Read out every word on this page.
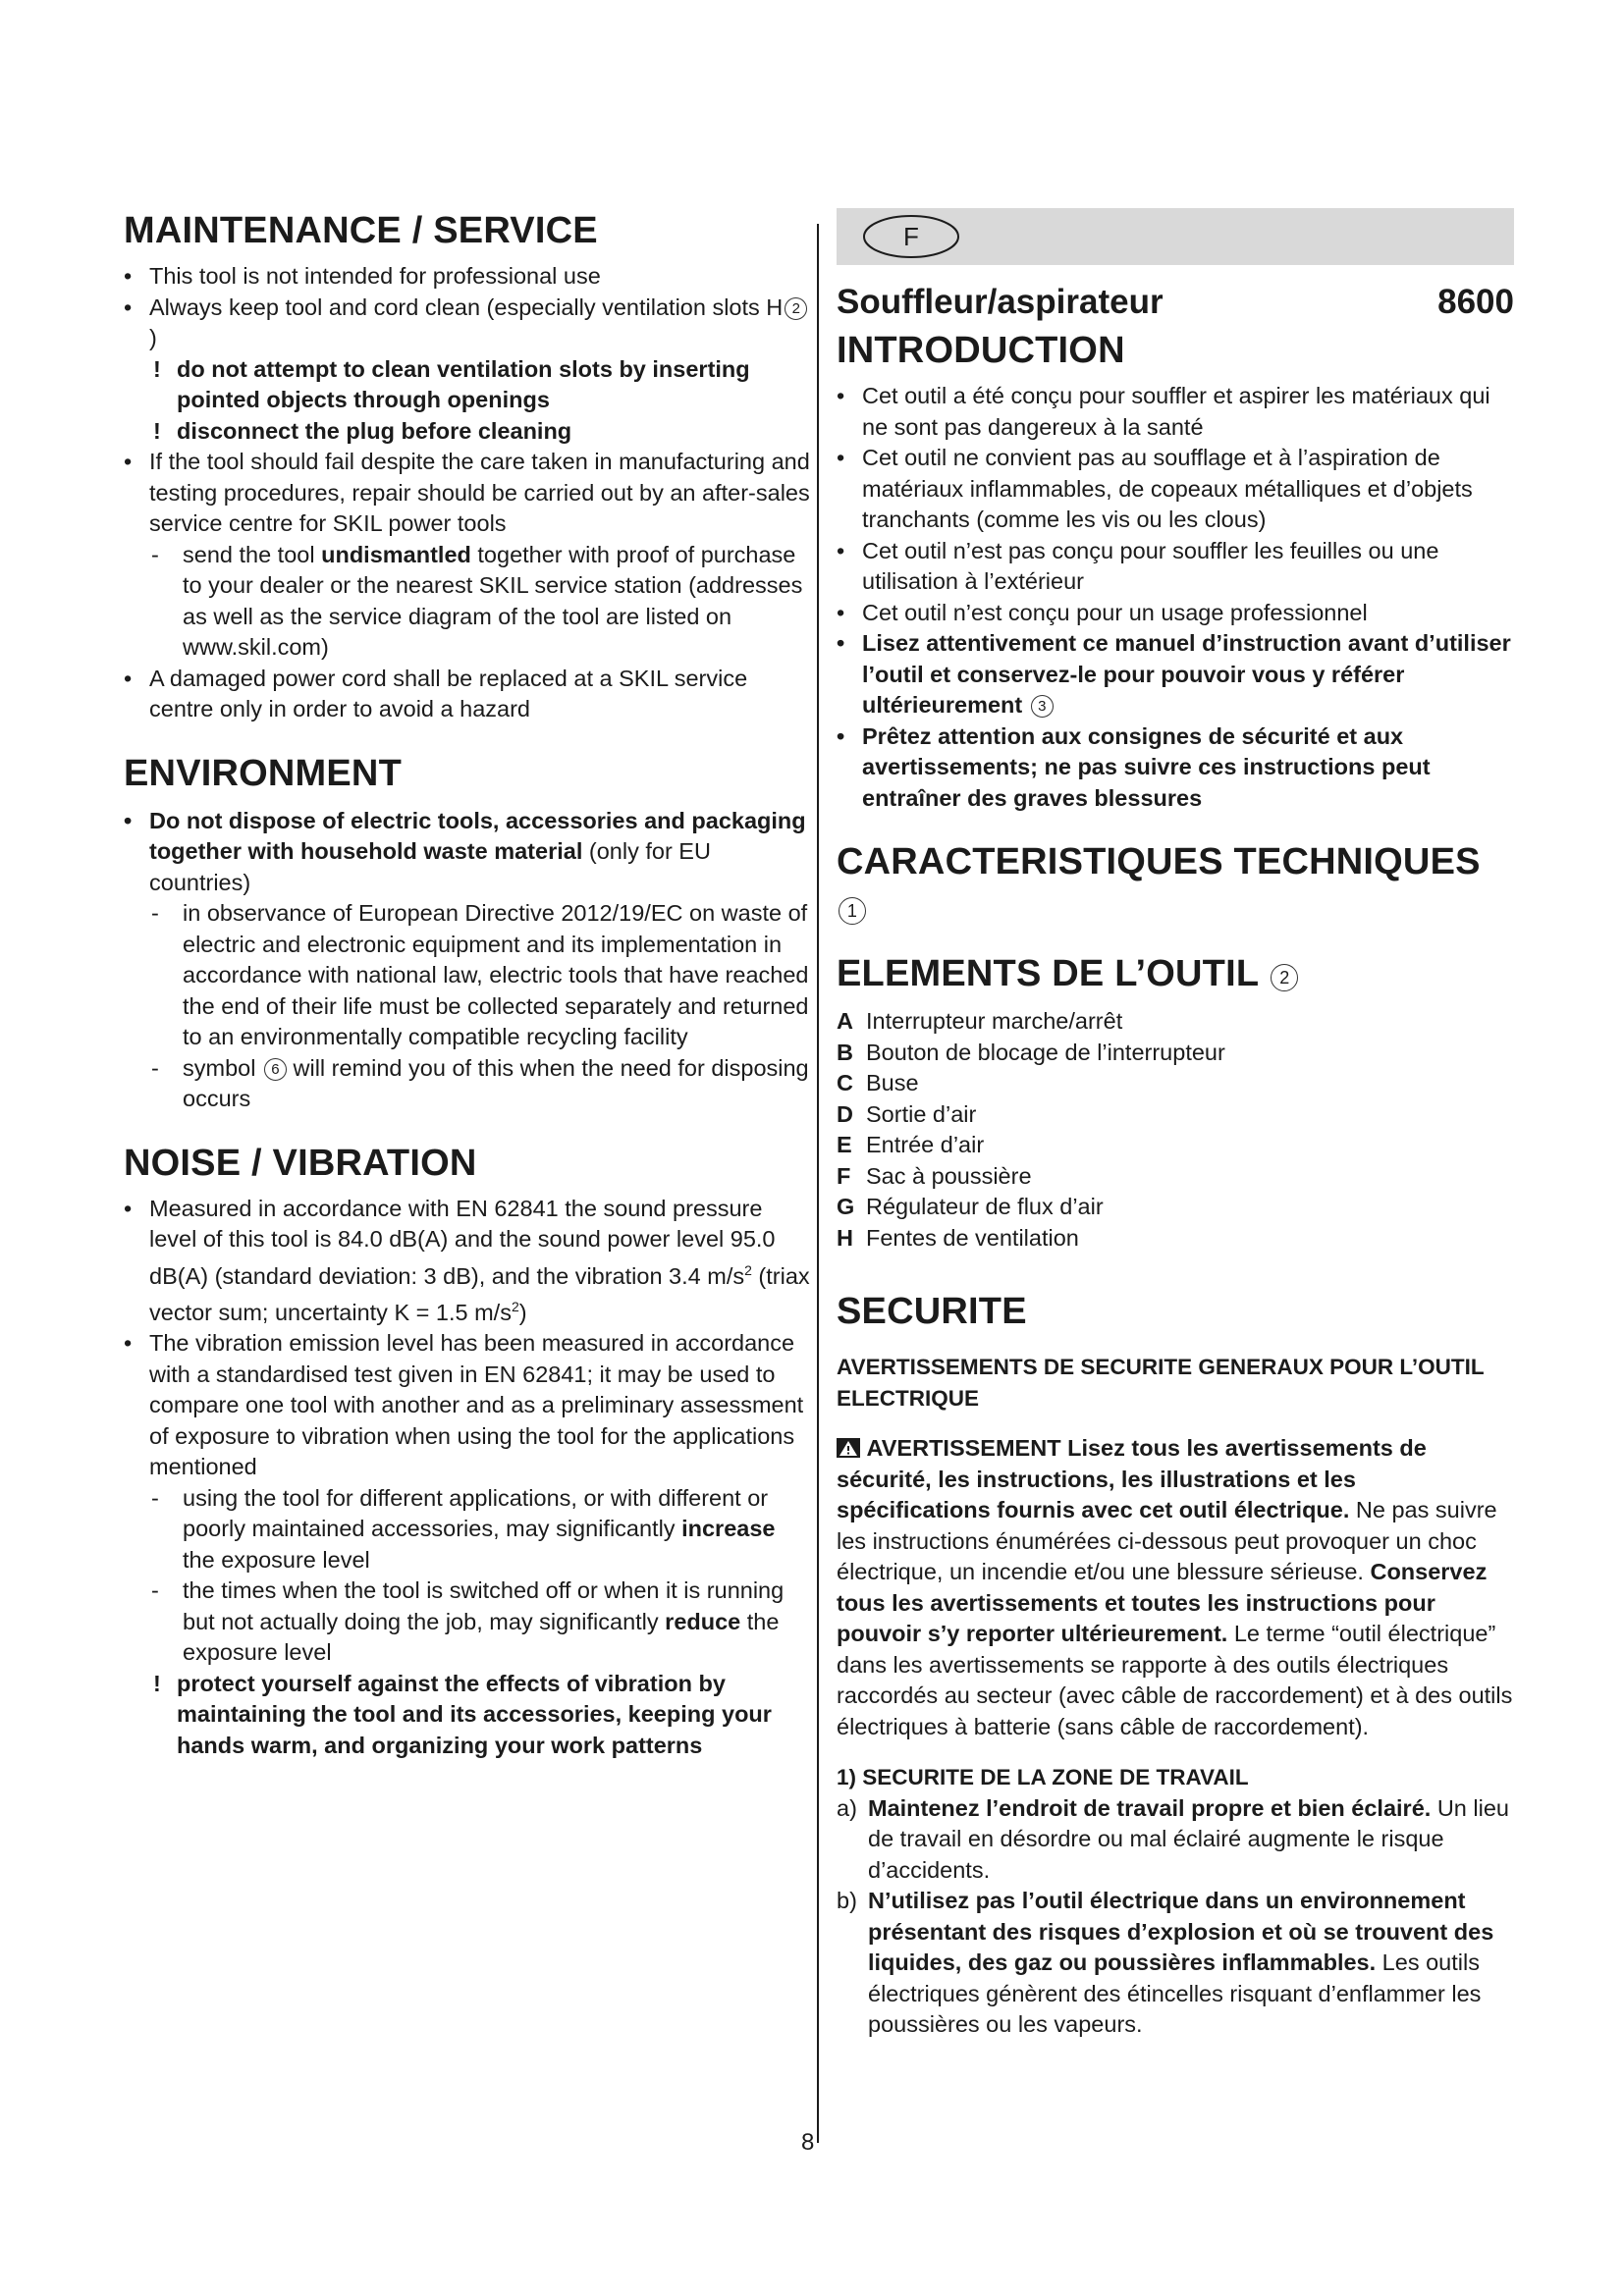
MAINTENANCE / SERVICE
• This tool is not intended for professional use
• Always keep tool and cord clean (especially ventilation slots H 2)
! do not attempt to clean ventilation slots by inserting pointed objects through openings
! disconnect the plug before cleaning
• If the tool should fail despite the care taken in manufacturing and testing procedures, repair should be carried out by an after-sales service centre for SKIL power tools
- send the tool undismantled together with proof of purchase to your dealer or the nearest SKIL service station (addresses as well as the service diagram of the tool are listed on www.skil.com)
• A damaged power cord shall be replaced at a SKIL service centre only in order to avoid a hazard
ENVIRONMENT
• Do not dispose of electric tools, accessories and packaging together with household waste material (only for EU countries)
- in observance of European Directive 2012/19/EC on waste of electric and electronic equipment and its implementation in accordance with national law, electric tools that have reached the end of their life must be collected separately and returned to an environmentally compatible recycling facility
- symbol 6 will remind you of this when the need for disposing occurs
NOISE / VIBRATION
• Measured in accordance with EN 62841 the sound pressure level of this tool is 84.0 dB(A) and the sound power level 95.0 dB(A) (standard deviation: 3 dB), and the vibration 3.4 $m/s^2$ (triax vector sum; uncertainty K = 1.5 $m/s^2$)
• The vibration emission level has been measured in accordance with a standardised test given in EN 62841; it may be used to compare one tool with another and as a preliminary assessment of exposure to vibration when using the tool for the applications mentioned
- using the tool for different applications, or with different or poorly maintained accessories, may significantly increase the exposure level
- the times when the tool is switched off or when it is running but not actually doing the job, may significantly reduce the exposure level
! protect yourself against the effects of vibration by maintaining the tool and its accessories, keeping your hands warm, and organizing your work patterns
F
Souffleur/aspirateur	8600
INTRODUCTION
• Cet outil a été conçu pour souffler et aspirer les matériaux qui ne sont pas dangereux à la santé
• Cet outil ne convient pas au soufflage et à l’aspiration de matériaux inflammables, de copeaux métalliques et d’objets tranchants (comme les vis ou les clous)
• Cet outil n’est pas conçu pour souffler les feuilles ou une utilisation à l’extérieur
• Cet outil n’est conçu pour un usage professionnel
• Lisez attentivement ce manuel d’instruction avant d’utiliser l’outil et conservez-le pour pouvoir vous y référer ultérieurement 3
• Prêtez attention aux consignes de sécurité et aux avertissements; ne pas suivre ces instructions peut entraîner des graves blessures
CARACTERISTIQUES TECHNIQUES 1
ELEMENTS DE L’OUTIL 2
A Interrupteur marche/arrêt
B Bouton de blocage de l’interrupteur
C Buse
D Sortie d’air
E Entrée d’air
F Sac à poussière
G Régulateur de flux d’air
H Fentes de ventilation
SECURITE
AVERTISSEMENTS DE SECURITE GENERAUX POUR L’OUTIL ELECTRIQUE
AVERTISSEMENT Lisez tous les avertissements de sécurité, les instructions, les illustrations et les spécifications fournis avec cet outil électrique. Ne pas suivre les instructions énumérées ci-dessous peut provoquer un choc électrique, un incendie et/ou une blessure sérieuse. Conservez tous les avertissements et toutes les instructions pour pouvoir s’y reporter ultérieurement. Le terme “outil électrique” dans les avertissements se rapporte à des outils électriques raccordés au secteur (avec câble de raccordement) et à des outils électriques à batterie (sans câble de raccordement).
1) SECURITE DE LA ZONE DE TRAVAIL
a) Maintenez l’endroit de travail propre et bien éclairé. Un lieu de travail en désordre ou mal éclairé augmente le risque d’accidents.
b) N’utilisez pas l’outil électrique dans un environnement présentant des risques d’explosion et où se trouvent des liquides, des gaz ou poussières inflammables. Les outils électriques génèrent des étincelles risquant d’enflammer les poussières ou les vapeurs.
8
